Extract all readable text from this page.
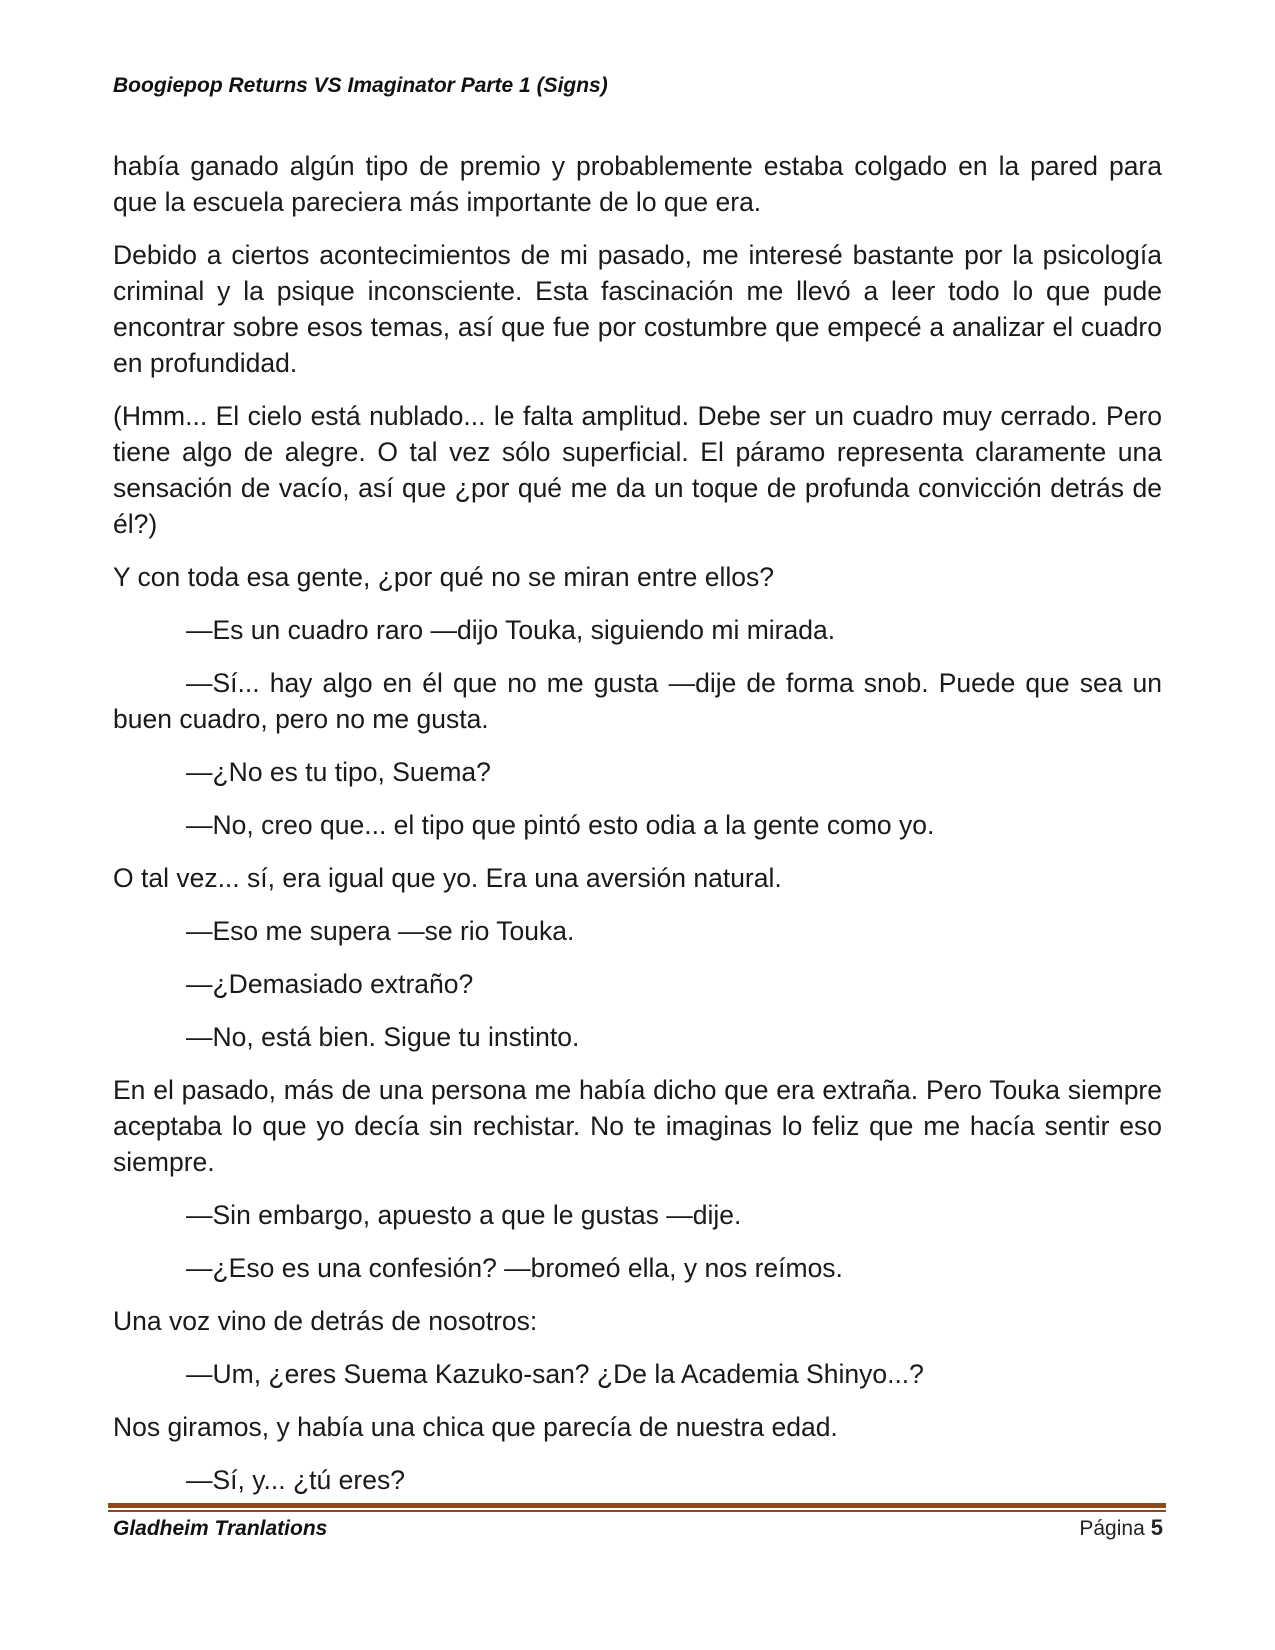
Boogiepop Returns VS Imaginator Parte 1 (Signs)

había ganado algún tipo de premio y probablemente estaba colgado en la pared para que la escuela pareciera más importante de lo que era.

Debido a ciertos acontecimientos de mi pasado, me interesé bastante por la psicología criminal y la psique inconsciente. Esta fascinación me llevó a leer todo lo que pude encontrar sobre esos temas, así que fue por costumbre que empecé a analizar el cuadro en profundidad.

(Hmm... El cielo está nublado... le falta amplitud. Debe ser un cuadro muy cerrado. Pero tiene algo de alegre. O tal vez sólo superficial. El páramo representa claramente una sensación de vacío, así que ¿por qué me da un toque de profunda convicción detrás de él?)

Y con toda esa gente, ¿por qué no se miran entre ellos?

—Es un cuadro raro —dijo Touka, siguiendo mi mirada.

—Sí... hay algo en él que no me gusta —dije de forma snob. Puede que sea un buen cuadro, pero no me gusta.

—¿No es tu tipo, Suema?

—No, creo que... el tipo que pintó esto odia a la gente como yo.

O tal vez... sí, era igual que yo. Era una aversión natural.

—Eso me supera —se rio Touka.

—¿Demasiado extraño?

—No, está bien. Sigue tu instinto.

En el pasado, más de una persona me había dicho que era extraña. Pero Touka siempre aceptaba lo que yo decía sin rechistar. No te imaginas lo feliz que me hacía sentir eso siempre.

—Sin embargo, apuesto a que le gustas —dije.

—¿Eso es una confesión? —bromeó ella, y nos reímos.

Una voz vino de detrás de nosotros:

—Um, ¿eres Suema Kazuko-san? ¿De la Academia Shinyo...?

Nos giramos, y había una chica que parecía de nuestra edad.

—Sí, y... ¿tú eres?

Gladheim Tranlations	Página 5
